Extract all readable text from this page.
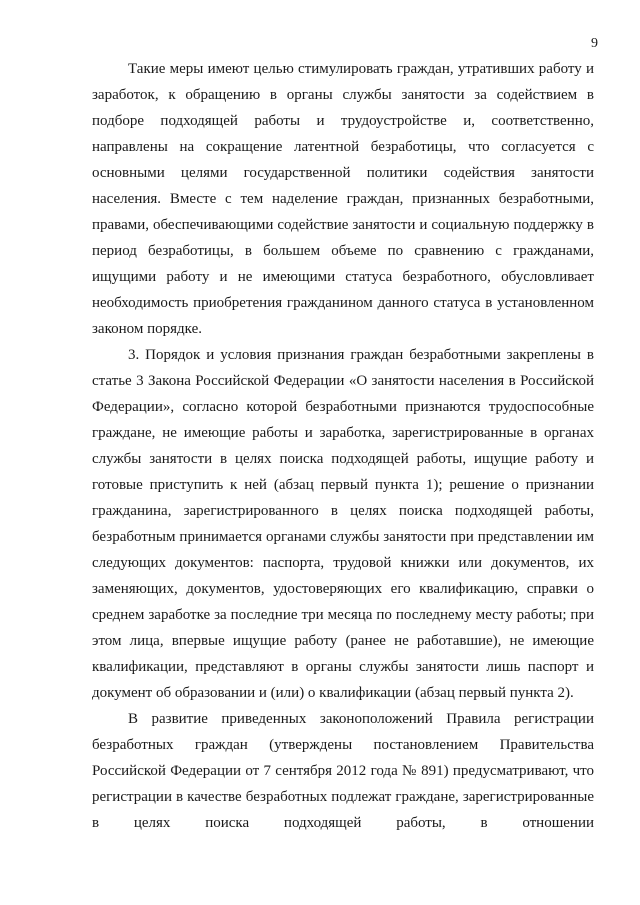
9

Такие меры имеют целью стимулировать граждан, утративших работу и заработок, к обращению в органы службы занятости за содействием в подборе подходящей работы и трудоустройстве и, соответственно, направлены на сокращение латентной безработицы, что согласуется с основными целями государственной политики содействия занятости населения. Вместе с тем наделение граждан, признанных безработными, правами, обеспечивающими содействие занятости и социальную поддержку в период безработицы, в большем объеме по сравнению с гражданами, ищущими работу и не имеющими статуса безработного, обусловливает необходимость приобретения гражданином данного статуса в установленном законом порядке.

3. Порядок и условия признания граждан безработными закреплены в статье 3 Закона Российской Федерации «О занятости населения в Российской Федерации», согласно которой безработными признаются трудоспособные граждане, не имеющие работы и заработка, зарегистрированные в органах службы занятости в целях поиска подходящей работы, ищущие работу и готовые приступить к ней (абзац первый пункта 1); решение о признании гражданина, зарегистрированного в целях поиска подходящей работы, безработным принимается органами службы занятости при представлении им следующих документов: паспорта, трудовой книжки или документов, их заменяющих, документов, удостоверяющих его квалификацию, справки о среднем заработке за последние три месяца по последнему месту работы; при этом лица, впервые ищущие работу (ранее не работавшие), не имеющие квалификации, представляют в органы службы занятости лишь паспорт и документ об образовании и (или) о квалификации (абзац первый пункта 2).

В развитие приведенных законоположений Правила регистрации безработных граждан (утверждены постановлением Правительства Российской Федерации от 7 сентября 2012 года № 891) предусматривают, что регистрации в качестве безработных подлежат граждане, зарегистрированные в целях поиска подходящей работы, в отношении
